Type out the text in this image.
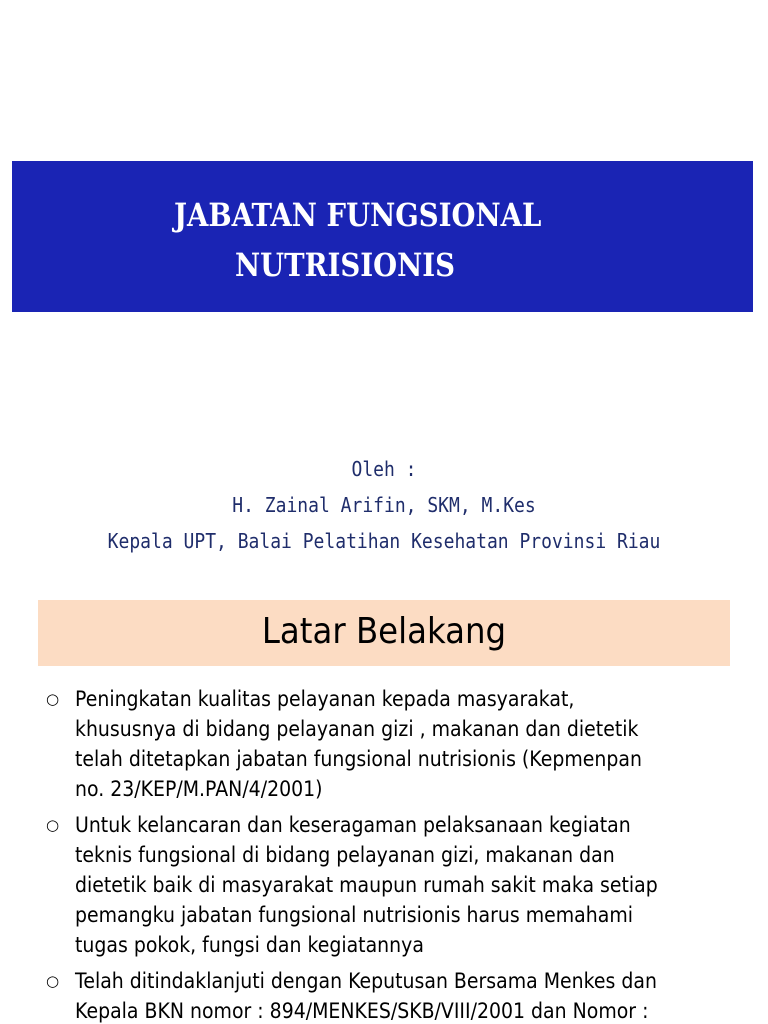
JABATAN FUNGSIONAL
NUTRISIONIS
Oleh :
H. Zainal Arifin, SKM, M.Kes
Kepala UPT, Balai Pelatihan Kesehatan Provinsi Riau
Latar Belakang
○ Peningkatan kualitas pelayanan kepada masyarakat,
khususnya di bidang pelayanan gizi , makanan dan dietetik
telah ditetapkan jabatan fungsional nutrisionis (Kepmenpan
no. 23/KEP/M.PAN/4/2001)
○ Untuk kelancaran dan keseragaman pelaksanaan kegiatan
teknis fungsional di bidang pelayanan gizi, makanan dan
dietetik baik di masyarakat maupun rumah sakit maka setiap
pemangku jabatan fungsional nutrisionis harus memahami
tugas pokok, fungsi dan kegiatannya
○ Telah ditindaklanjuti dengan Keputusan Bersama Menkes dan
Kepala BKN nomor : 894/MENKES/SKB/VIII/2001 dan Nomor :
